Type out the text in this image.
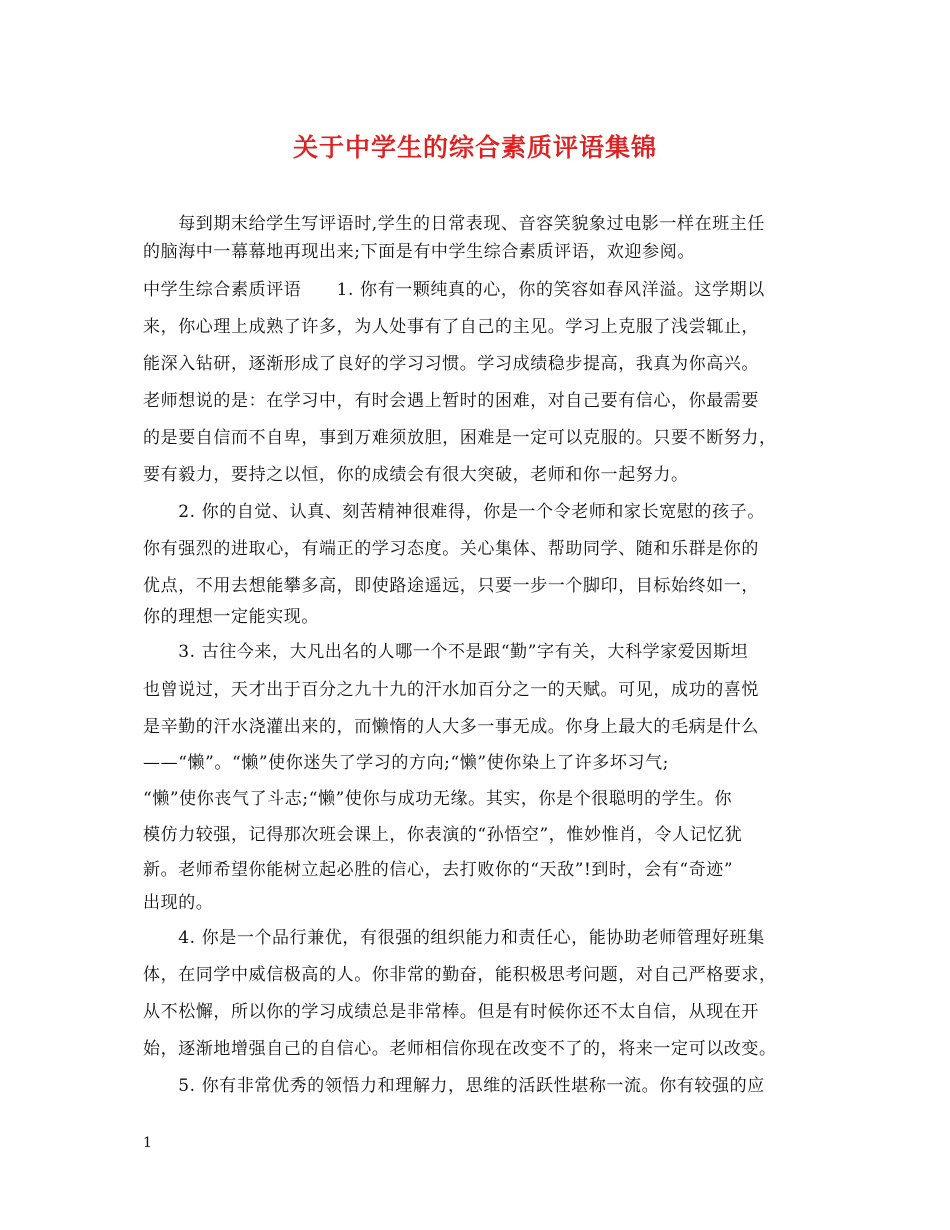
关于中学生的综合素质评语集锦
　　每到期末给学生写评语时,学生的日常表现、音容笑貌象过电影一样在班主任
的脑海中一幕幕地再现出来;下面是有中学生综合素质评语，欢迎参阅。
中学生综合素质评语　　1. 你有一颗纯真的心，你的笑容如春风洋溢。这学期以
来，你心理上成熟了许多，为人处事有了自己的主见。学习上克服了浅尝辄止，
能深入钻研，逐渐形成了良好的学习习惯。学习成绩稳步提高，我真为你高兴。
老师想说的是：在学习中，有时会遇上暂时的困难，对自己要有信心，你最需要
的是要自信而不自卑，事到万难须放胆，困难是一定可以克服的。只要不断努力，
要有毅力，要持之以恒，你的成绩会有很大突破，老师和你一起努力。
　　2. 你的自觉、认真、刻苦精神很难得，你是一个令老师和家长宽慰的孩子。
你有强烈的进取心，有端正的学习态度。关心集体、帮助同学、随和乐群是你的
优点，不用去想能攀多高，即使路途遥远，只要一步一个脚印，目标始终如一，
你的理想一定能实现。
　　3. 古往今来，大凡出名的人哪一个不是跟“勤”字有关，大科学家爱因斯坦
也曾说过，天才出于百分之九十九的汗水加百分之一的天赋。可见，成功的喜悦
是辛勤的汗水浇灌出来的，而懒惰的人大多一事无成。你身上最大的毛病是什么
——“懒”。“懒”使你迷失了学习的方向;“懒”使你染上了许多坏习气;
“懒”使你丧气了斗志;“懒”使你与成功无缘。其实，你是个很聪明的学生。你
模仿力较强，记得那次班会课上，你表演的“孙悟空”，惟妙惟肖，令人记忆犹
新。老师希望你能树立起必胜的信心，去打败你的“天敌”!到时，会有“奇迹”
出现的。
　　4. 你是一个品行兼优，有很强的组织能力和责任心，能协助老师管理好班集
体，在同学中威信极高的人。你非常的勤奋，能积极思考问题，对自己严格要求，
从不松懈，所以你的学习成绩总是非常棒。但是有时候你还不太自信，从现在开
始，逐渐地增强自己的自信心。老师相信你现在改变不了的，将来一定可以改变。
　　5. 你有非常优秀的领悟力和理解力，思维的活跃性堪称一流。你有较强的应
1
